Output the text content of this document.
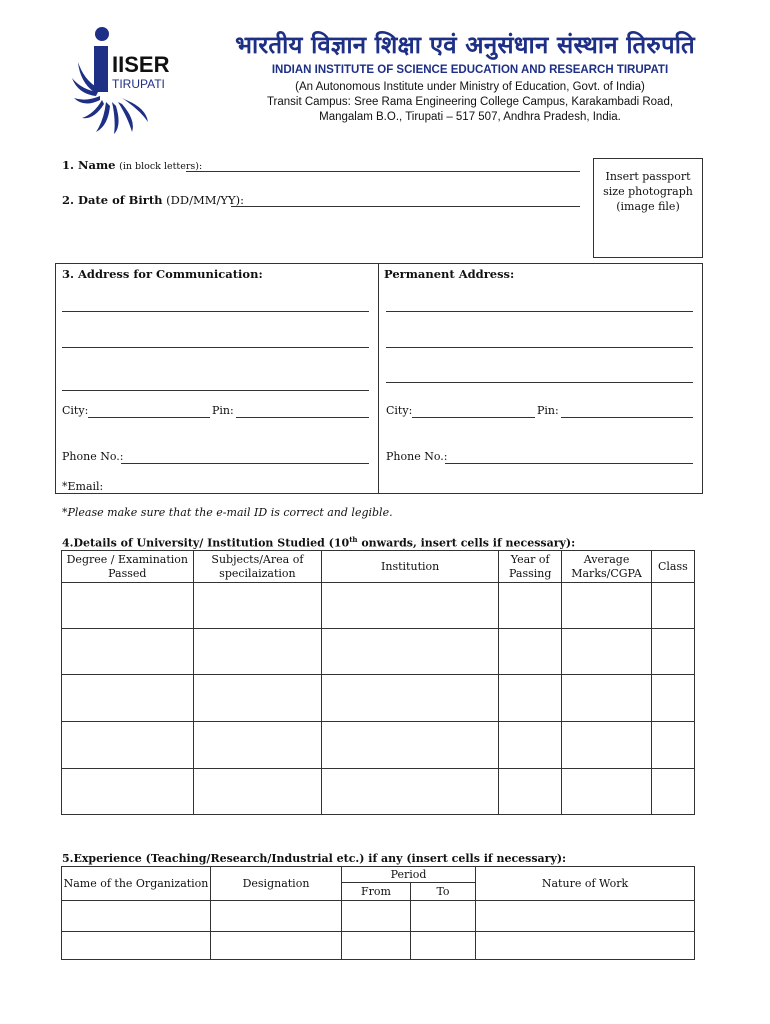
IISER
TIRUPATI
भारतीय विज्ञान शिक्षा एवं अनुसंधान संस्थान तिरुपति
INDIAN INSTITUTE OF SCIENCE EDUCATION AND RESEARCH TIRUPATI
(An Autonomous Institute under Ministry of Education, Govt. of India)
Transit Campus: Sree Rama Engineering College Campus, Karakambadi Road,
Mangalam B.O., Tirupati – 517 507, Andhra Pradesh, India.
1. Name (in block letters):
2. Date of Birth (DD/MM/YY):
Insert passport size photograph (image file)
3. Address for Communication:	Permanent Address:
City:	Pin:	City:	Pin:
Phone No.:	Phone No.:
*Email:
*Please make sure that the e-mail ID is correct and legible.
4.Details of University/ Institution Studied (10th onwards, insert cells if necessary):
Degree / Examination Passed	Subjects/Area of specilaization	Institution	Year of Passing	Average Marks/CGPA	Class

5.Experience (Teaching/Research/Industrial etc.) if any (insert cells if necessary):
Name of the Organization	Designation	Period		Nature of Work
		From	To	
